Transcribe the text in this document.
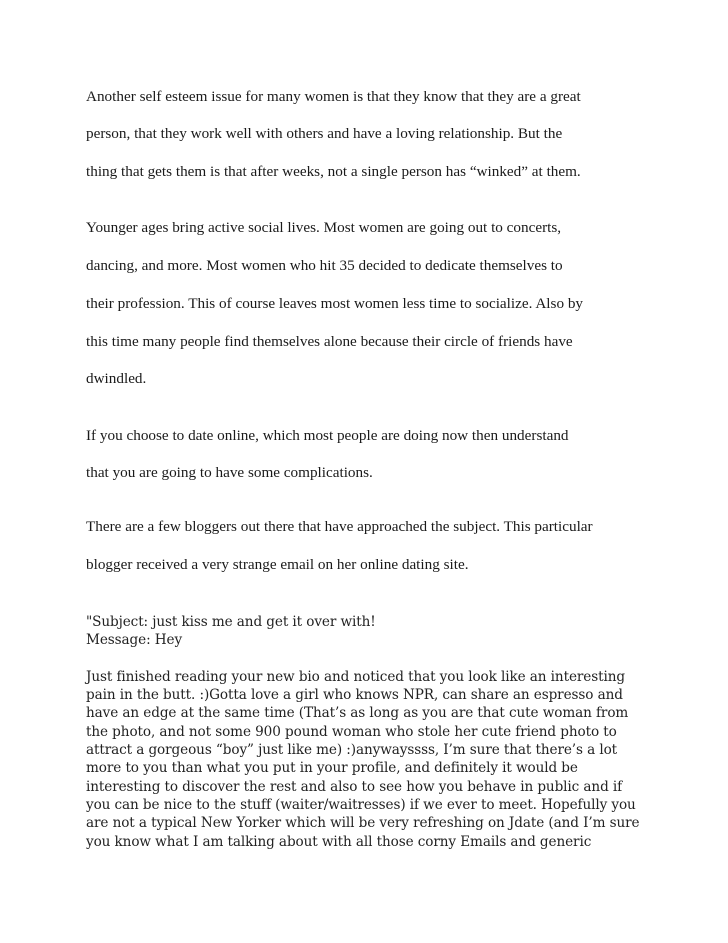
Another self esteem issue for many women is that they know that they are a great
person, that they work well with others and have a loving relationship. But the
thing that gets them is that after weeks, not a single person has “winked” at them.
Younger ages bring active social lives. Most women are going out to concerts,
dancing, and more. Most women who hit 35 decided to dedicate themselves to
their profession. This of course leaves most women less time to socialize. Also by
this time many people find themselves alone because their circle of friends have
dwindled.
If you choose to date online, which most people are doing now then understand
that you are going to have some complications.
There are a few bloggers out there that have approached the subject. This particular
blogger received a very strange email on her online dating site.
"Subject: just kiss me and get it over with!
Message: Hey
Just finished reading your new bio and noticed that you look like an interesting
pain in the butt. :)Gotta love a girl who knows NPR, can share an espresso and
have an edge at the same time (That’s as long as you are that cute woman from
the photo, and not some 900 pound woman who stole her cute friend photo to
attract a gorgeous “boy” just like me) :)anywayssss, I’m sure that there’s a lot
more to you than what you put in your profile, and definitely it would be
interesting to discover the rest and also to see how you behave in public and if
you can be nice to the stuff (waiter/waitresses) if we ever to meet. Hopefully you
are not a typical New Yorker which will be very refreshing on Jdate (and I’m sure
you know what I am talking about with all those corny Emails and generic
